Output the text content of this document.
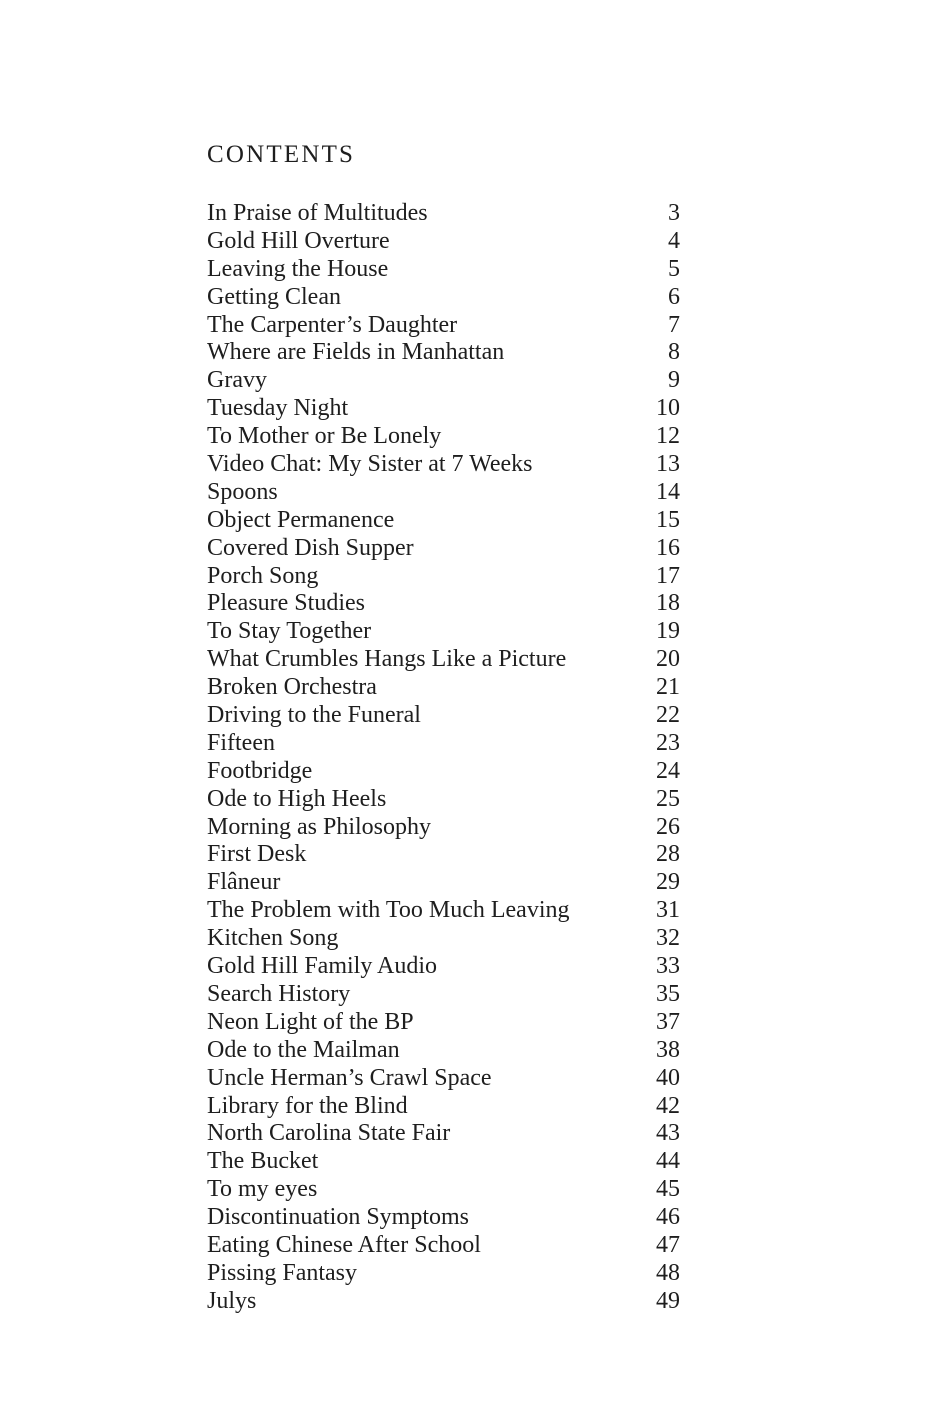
CONTENTS
In Praise of Multitudes	3
Gold Hill Overture	4
Leaving the House	5
Getting Clean	6
The Carpenter’s Daughter	7
Where are Fields in Manhattan	8
Gravy	9
Tuesday Night	10
To Mother or Be Lonely	12
Video Chat: My Sister at 7 Weeks	13
Spoons	14
Object Permanence	15
Covered Dish Supper	16
Porch Song	17
Pleasure Studies	18
To Stay Together	19
What Crumbles Hangs Like a Picture	20
Broken Orchestra	21
Driving to the Funeral	22
Fifteen	23
Footbridge	24
Ode to High Heels	25
Morning as Philosophy	26
First Desk	28
Flâneur	29
The Problem with Too Much Leaving	31
Kitchen Song	32
Gold Hill Family Audio	33
Search History	35
Neon Light of the BP	37
Ode to the Mailman	38
Uncle Herman’s Crawl Space	40
Library for the Blind	42
North Carolina State Fair	43
The Bucket	44
To my eyes	45
Discontinuation Symptoms	46
Eating Chinese After School	47
Pissing Fantasy	48
Julys	49
